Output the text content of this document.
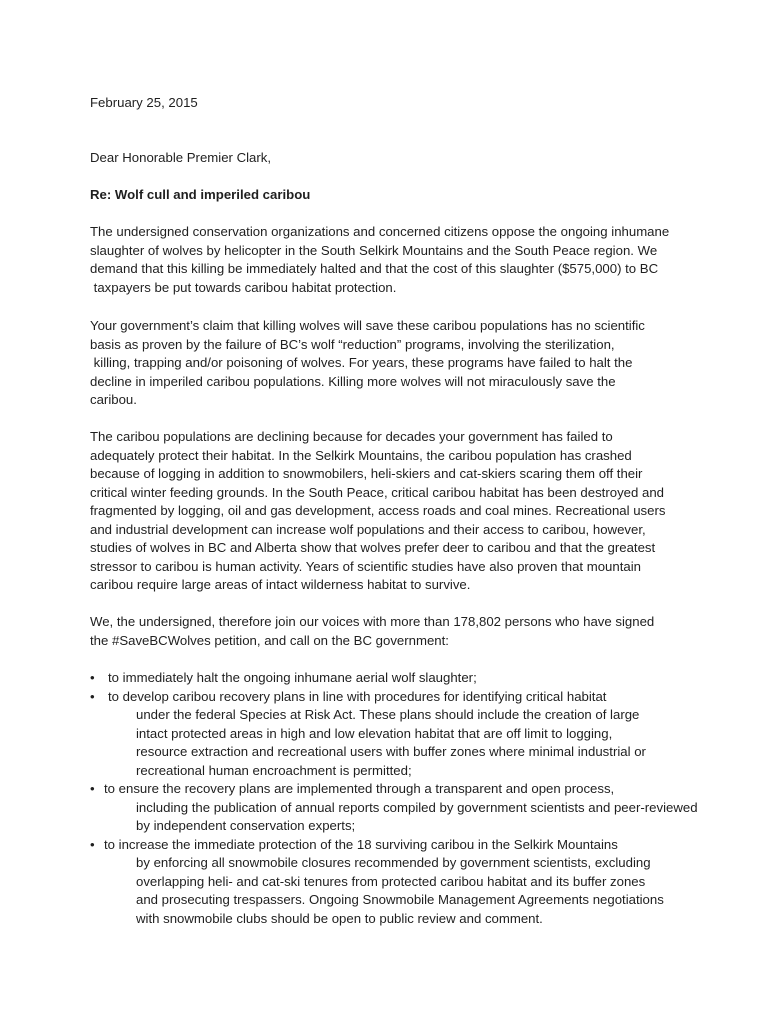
February 25, 2015
Dear Honorable Premier Clark,
Re: Wolf cull and imperiled caribou
The undersigned conservation organizations and concerned citizens oppose the ongoing inhumane
slaughter of wolves by helicopter in the South Selkirk Mountains and the South Peace region. We
demand that this killing be immediately halted and that the cost of this slaughter ($575,000) to BC
taxpayers be put towards caribou habitat protection.
Your government’s claim that killing wolves will save these caribou populations has no scientific
basis as proven by the failure of BC’s wolf “reduction” programs, involving the sterilization,
killing, trapping and/or poisoning of wolves. For years, these programs have failed to halt the
decline in imperiled caribou populations. Killing more wolves will not miraculously save the
caribou.
The caribou populations are declining because for decades your government has failed to
adequately protect their habitat. In the Selkirk Mountains, the caribou population has crashed
because of logging in addition to snowmobilers, heli-skiers and cat-skiers scaring them off their
critical winter feeding grounds. In the South Peace, critical caribou habitat has been destroyed and
fragmented by logging, oil and gas development, access roads and coal mines. Recreational users
and industrial development can increase wolf populations and their access to caribou, however,
studies of wolves in BC and Alberta show that wolves prefer deer to caribou and that the greatest
stressor to caribou is human activity. Years of scientific studies have also proven that mountain
caribou require large areas of intact wilderness habitat to survive.
We, the undersigned, therefore join our voices with more than 178,802 persons who have signed
the #SaveBCWolves petition, and call on the BC government:
•	to immediately halt the ongoing inhumane aerial wolf slaughter;
•	to develop caribou recovery plans in line with procedures for identifying critical habitat
under the federal Species at Risk Act. These plans should include the creation of large
intact protected areas in high and low elevation habitat that are off limit to logging,
resource extraction and recreational users with buffer zones where minimal industrial or
recreational human encroachment is permitted;
• to ensure the recovery plans are implemented through a transparent and open process,
including the publication of annual reports compiled by government scientists and peer-reviewed
by independent conservation experts;
• to increase the immediate protection of the 18 surviving caribou in the Selkirk Mountains
by enforcing all snowmobile closures recommended by government scientists, excluding
overlapping heli- and cat-ski tenures from protected caribou habitat and its buffer zones
and prosecuting trespassers. Ongoing Snowmobile Management Agreements negotiations
with snowmobile clubs should be open to public review and comment.
